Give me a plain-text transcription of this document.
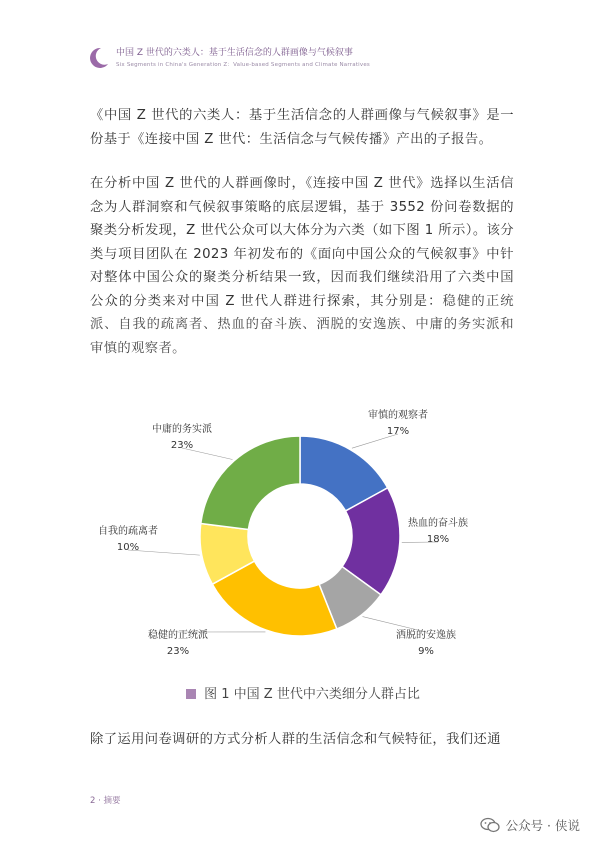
中国 Z 世代的六类人：基于生活信念的人群画像与气候叙事
Six Segments in China's Generation Z：Value-based Segments and Climate Narratives

《中国 Z 世代的六类人：基于生活信念的人群画像与气候叙事》是一份基于《连接中国 Z 世代：生活信念与气候传播》产出的子报告。

在分析中国 Z 世代的人群画像时，《连接中国 Z 世代》选择以生活信念为人群洞察和气候叙事策略的底层逻辑，基于 3552 份问卷数据的聚类分析发现，Z 世代公众可以大体分为六类（如下图 1 所示）。该分类与项目团队在 2023 年初发布的《面向中国公众的气候叙事》中针对整体中国公众的聚类分析结果一致，因而我们继续沿用了六类中国公众的分类来对中国 Z 世代人群进行探索，其分别是：稳健的正统派、自我的疏离者、热血的奋斗族、洒脱的安逸族、中庸的务实派和审慎的观察者。

审慎的观察者
17%
热血的奋斗族
18%
洒脱的安逸族
9%
稳健的正统派
23%
自我的疏离者
10%
中庸的务实派
23%
图 1 中国 Z 世代中六类细分人群占比

除了运用问卷调研的方式分析人群的生活信念和气候特征，我们还通

2 · 摘要
公众号 · 侠说
